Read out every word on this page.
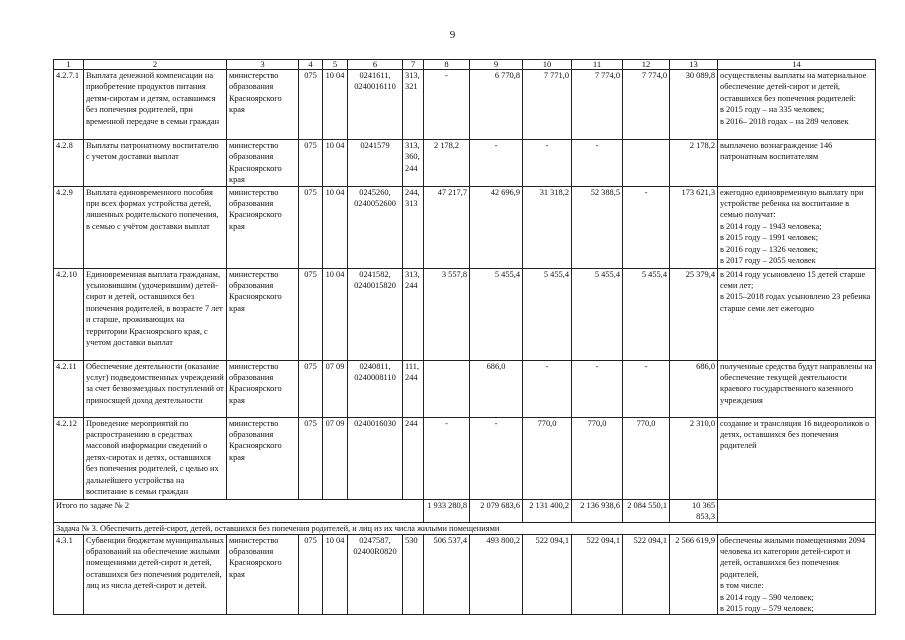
9
1	2	3	4	5	6	7	8	9	10	11	12	13	14
4.2.7.1	Выплата денежной компенсации на приобретение продуктов питания детям-сиротам и детям, оставшимся без попечения родителей, при временной передаче в семьи граждан	министерство образования Красноярского края	075	10 04	0241611,
0240016110	313,
321	-	6 770,8	7 771,0	7 774,0	7 774,0	30 089,8	осуществлены выплаты на материальное обеспечение детей-сирот и детей, оставшихся без попечения родителей:
в 2015 году – на 335 человек;
в 2016– 2018 годах – на 289 человек
4.2.8	Выплаты патронатному воспитателю с учетом доставки выплат	министерство образования Красноярского края	075	10 04	0241579	313,
360,
244	2 178,2	-	-	-		2 178,2	выплачено вознаграждение 146 патронатным воспитателям
4.2.9	Выплата единовременного пособия при всех формах устройства детей, лишенных родительского попечения, в семью с учётом доставки выплат	министерство образования Красноярского края	075	10 04	0245260,
0240052600	244,
313	47 217,7	42 696,9	31 318,2	52 388,5	-	173 621,3	ежегодно единовременную выплату при устройстве ребенка на воспитание в семью получат:
в 2014 году – 1943 человека;
в 2015 году – 1991 человек;
в 2016 году – 1326 человек;
в 2017 году – 2055 человек
4.2.10	Единовременная выплата гражданам, усыновившим (удочерившим) детей-сирот и детей, оставшихся без попечения родителей, в возрасте 7 лет и старше, проживающих на территории Красноярского края, с учетом доставки выплат	министерство образования Красноярского края	075	10 04	0241582,
0240015820	313,
244	3 557,8	5 455,4	5 455,4	5 455,4	5 455,4	25 379,4	в 2014 году усыновлено 15 детей старше семи лет;
в 2015–2018 годах усыновлено 23 ребенка старше семи лет ежегодно
4.2.11	Обеспечение деятельности (оказание услуг) подведомственных учреждений за счет безвозмездных поступлений от приносящей доход деятельности	министерство образования Красноярского края	075	07 09	0240811,
0240008110	111,
244		686,0	-	-	-	686,0	полученные средства будут направлены на обеспечение текущей деятельности краевого государственного казенного учреждения
4.2.12	Проведение мероприятий по распространению в средствах массовой информации сведений о детях-сиротах и детях, оставшихся без попечения родителей, с целью их дальнейшего устройства на воспитание в семьи граждан	министерство образования Красноярского края	075	07 09	0240016030	244	-	-	770,0	770,0	770,0	2 310,0	создание и трансляция 16 видеороликов о детях, оставшихся без попечения родителей
Итого по задаче № 2							1 933 280,8	2 079 683,6	2 131 400,2	2 136 938,6	2 084 550,1	10 365 853,3	
Задача № 3. Обеспечить детей-сирот, детей, оставшихся без попечения родителей, и лиц из их числа жилыми помещениями													
4.3.1	Субвенции бюджетам муниципальных образований на обеспечение жилыми помещениями детей-сирот и детей, оставшихся без попечения родителей, лиц из числа детей-сирот и детей.	министерство образования Красноярского края	075	10 04	0247587,
02400R0820	530	506 537,4	493 800,2	522 094,1	522 094,1	522 094,1	2 566 619,9	обеспечены жилыми помещениями 2094 человека из категории детей-сирот и детей, оставшихся без попечения родителей,
в том числе:
в 2014 году – 590 человек;
в 2015 году – 579 человек;
